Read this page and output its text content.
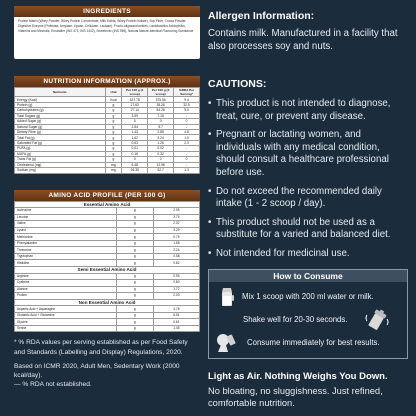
INGREDIENTS
Protein Matrix (Whey Powder, Whey Protein Concentrate, Milk Solids, Whey Protein Isolate), Soy Fiber, Cocoa Powder, Digestive Enzyme (Protease, Amylase, Lipase, Cellulase, Lactase), Fructo-oligosaccharides, Lactobacillus Acidophilus, Vitamins and Minerals, Emulsifier (INS 471, INS 1442), Sweetener (INS 955), Natural Nature-Identical Flavouring Substance
NUTRITION INFORMATION (APPROX.)
Nutrients	Unit	Per 100 g (1 scoop)	Per 100 g (2 scoop)	%RDA Per Serving*
Energy (Kcal)	Kcal	187.78	375.56	9.4
Protein (g)	g	17.63	35.26	32.5
Carbohydrates (g)	g	27.14	54.28	9.0
Total Sugars (g)	g	3.59	7.18	-
Added Sugar (g)	g	0	0	0
Natural Sugar (g)	g	2.84	5.7	-
Dietary Fibre (g)	g	1.43	2.85	4.8
Total Fat (g)	g	1.62	3.24	1.5
Saturated Fat (g)	g	0.63	1.26	2.3
PUFA (g)	g	0.01	0.02	-
MUFA (g)	g	0.16	0.32	-
Trans Fat (g)	g	0	0	0
Cholesterol (mg)	mg	6.48	12.96	-
Sodium (mg)	mg	26.35	52.7	1.3
AMINO ACID PROFILE (PER 100 G)
Essential Amino Acid		
Isoleucine	g	2.05
Leucine	g	3.74
Valine	g	2.02
Lysine	g	3.29
Methionine	g	0.75
Phenylalanine	g	1.58
Threonine	g	2.24
Tryptophan	g	0.58
Histidine	g	0.82
Semi Essential Amino Acid		
Arginine	g	0.95
Cysteine	g	0.80
Alanine	g	1.72
Proline	g	2.03
Non Essential Amino Acid		
Aspartic Acid + Asparagine	g	3.78
Glutamic Acid + Glutamine	g	6.91
Glycine	g	0.61
Serine	g	1.45
* % RDA values per serving established as per Food Safety and Standards (Labelling and Display) Regulations, 2020.
Based on ICMR 2020, Adult Men, Sedentary Work (2000 kcal/day).
— % RDA not established.
Allergen Information:
Contains milk. Manufactured in a facility that also processes soy and nuts.
CAUTIONS:
• This product is not intended to diagnose, treat, cure, or prevent any disease.
• Pregnant or lactating women, and individuals with any medical condition, should consult a healthcare professional before use.
• Do not exceed the recommended daily intake (1 - 2 scoop / day).
• This product should not be used as a substitute for a varied and balanced diet.
• Not intended for medicinal use.
How to Consume
Mix 1 scoop with 200 ml water or milk.
Shake well for 20-30 seconds.
Consume immediately for best results.
Light as Air. Nothing Weighs You Down.
No bloating, no sluggishness. Just refined, comfortable nutrition.
